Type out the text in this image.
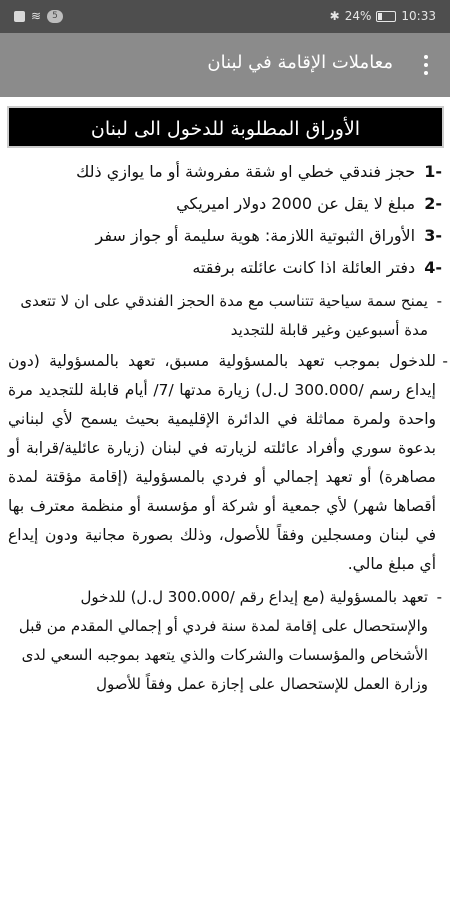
≋	5	✱ 24%	10:33
معاملات الإقامة في لبنان
الأوراق المطلوبة للدخول الى لبنان
-1 حجز فندقي خطي او شقة مفروشة أو ما يوازي ذلك
-2 مبلغ لا يقل عن 2000 دولار اميريكي
-3 الأوراق الثبوتية اللازمة: هوية سليمة أو جواز سفر
-4 دفتر العائلة اذا كانت عائلته برفقته
- يمنح سمة سياحية تتناسب مع مدة الحجز الفندقي على ان لا تتعدى مدة أسبوعين وغير قابلة للتجديد
- للدخول بموجب تعهد بالمسؤولية مسبق، تعهد بالمسؤولية (دون إيداع رسم /300.000 ل.ل) زيارة مدتها /7/ أيام قابلة للتجديد مرة واحدة ولمرة مماثلة في الدائرة الإقليمية بحيث يسمح لأي لبناني بدعوة سوري وأفراد عائلته لزيارته في لبنان (زيارة عائلية/قرابة أو مصاهرة) أو تعهد إجمالي أو فردي بالمسؤولية (إقامة مؤقتة لمدة أقصاها شهر) لأي جمعية أو شركة أو مؤسسة أو منظمة معترف بها في لبنان ومسجلين وفقاً للأصول، وذلك بصورة مجانية ودون إيداع أي مبلغ مالي.
- تعهد بالمسؤولية (مع إيداع رقم /300.000 ل.ل) للدخول والإستحصال على إقامة لمدة سنة فردي أو إجمالي المقدم من قبل الأشخاص والمؤسسات والشركات والذي يتعهد بموجبه السعي لدى وزارة العمل للإستحصال على إجازة عمل وفقاً للأصول
